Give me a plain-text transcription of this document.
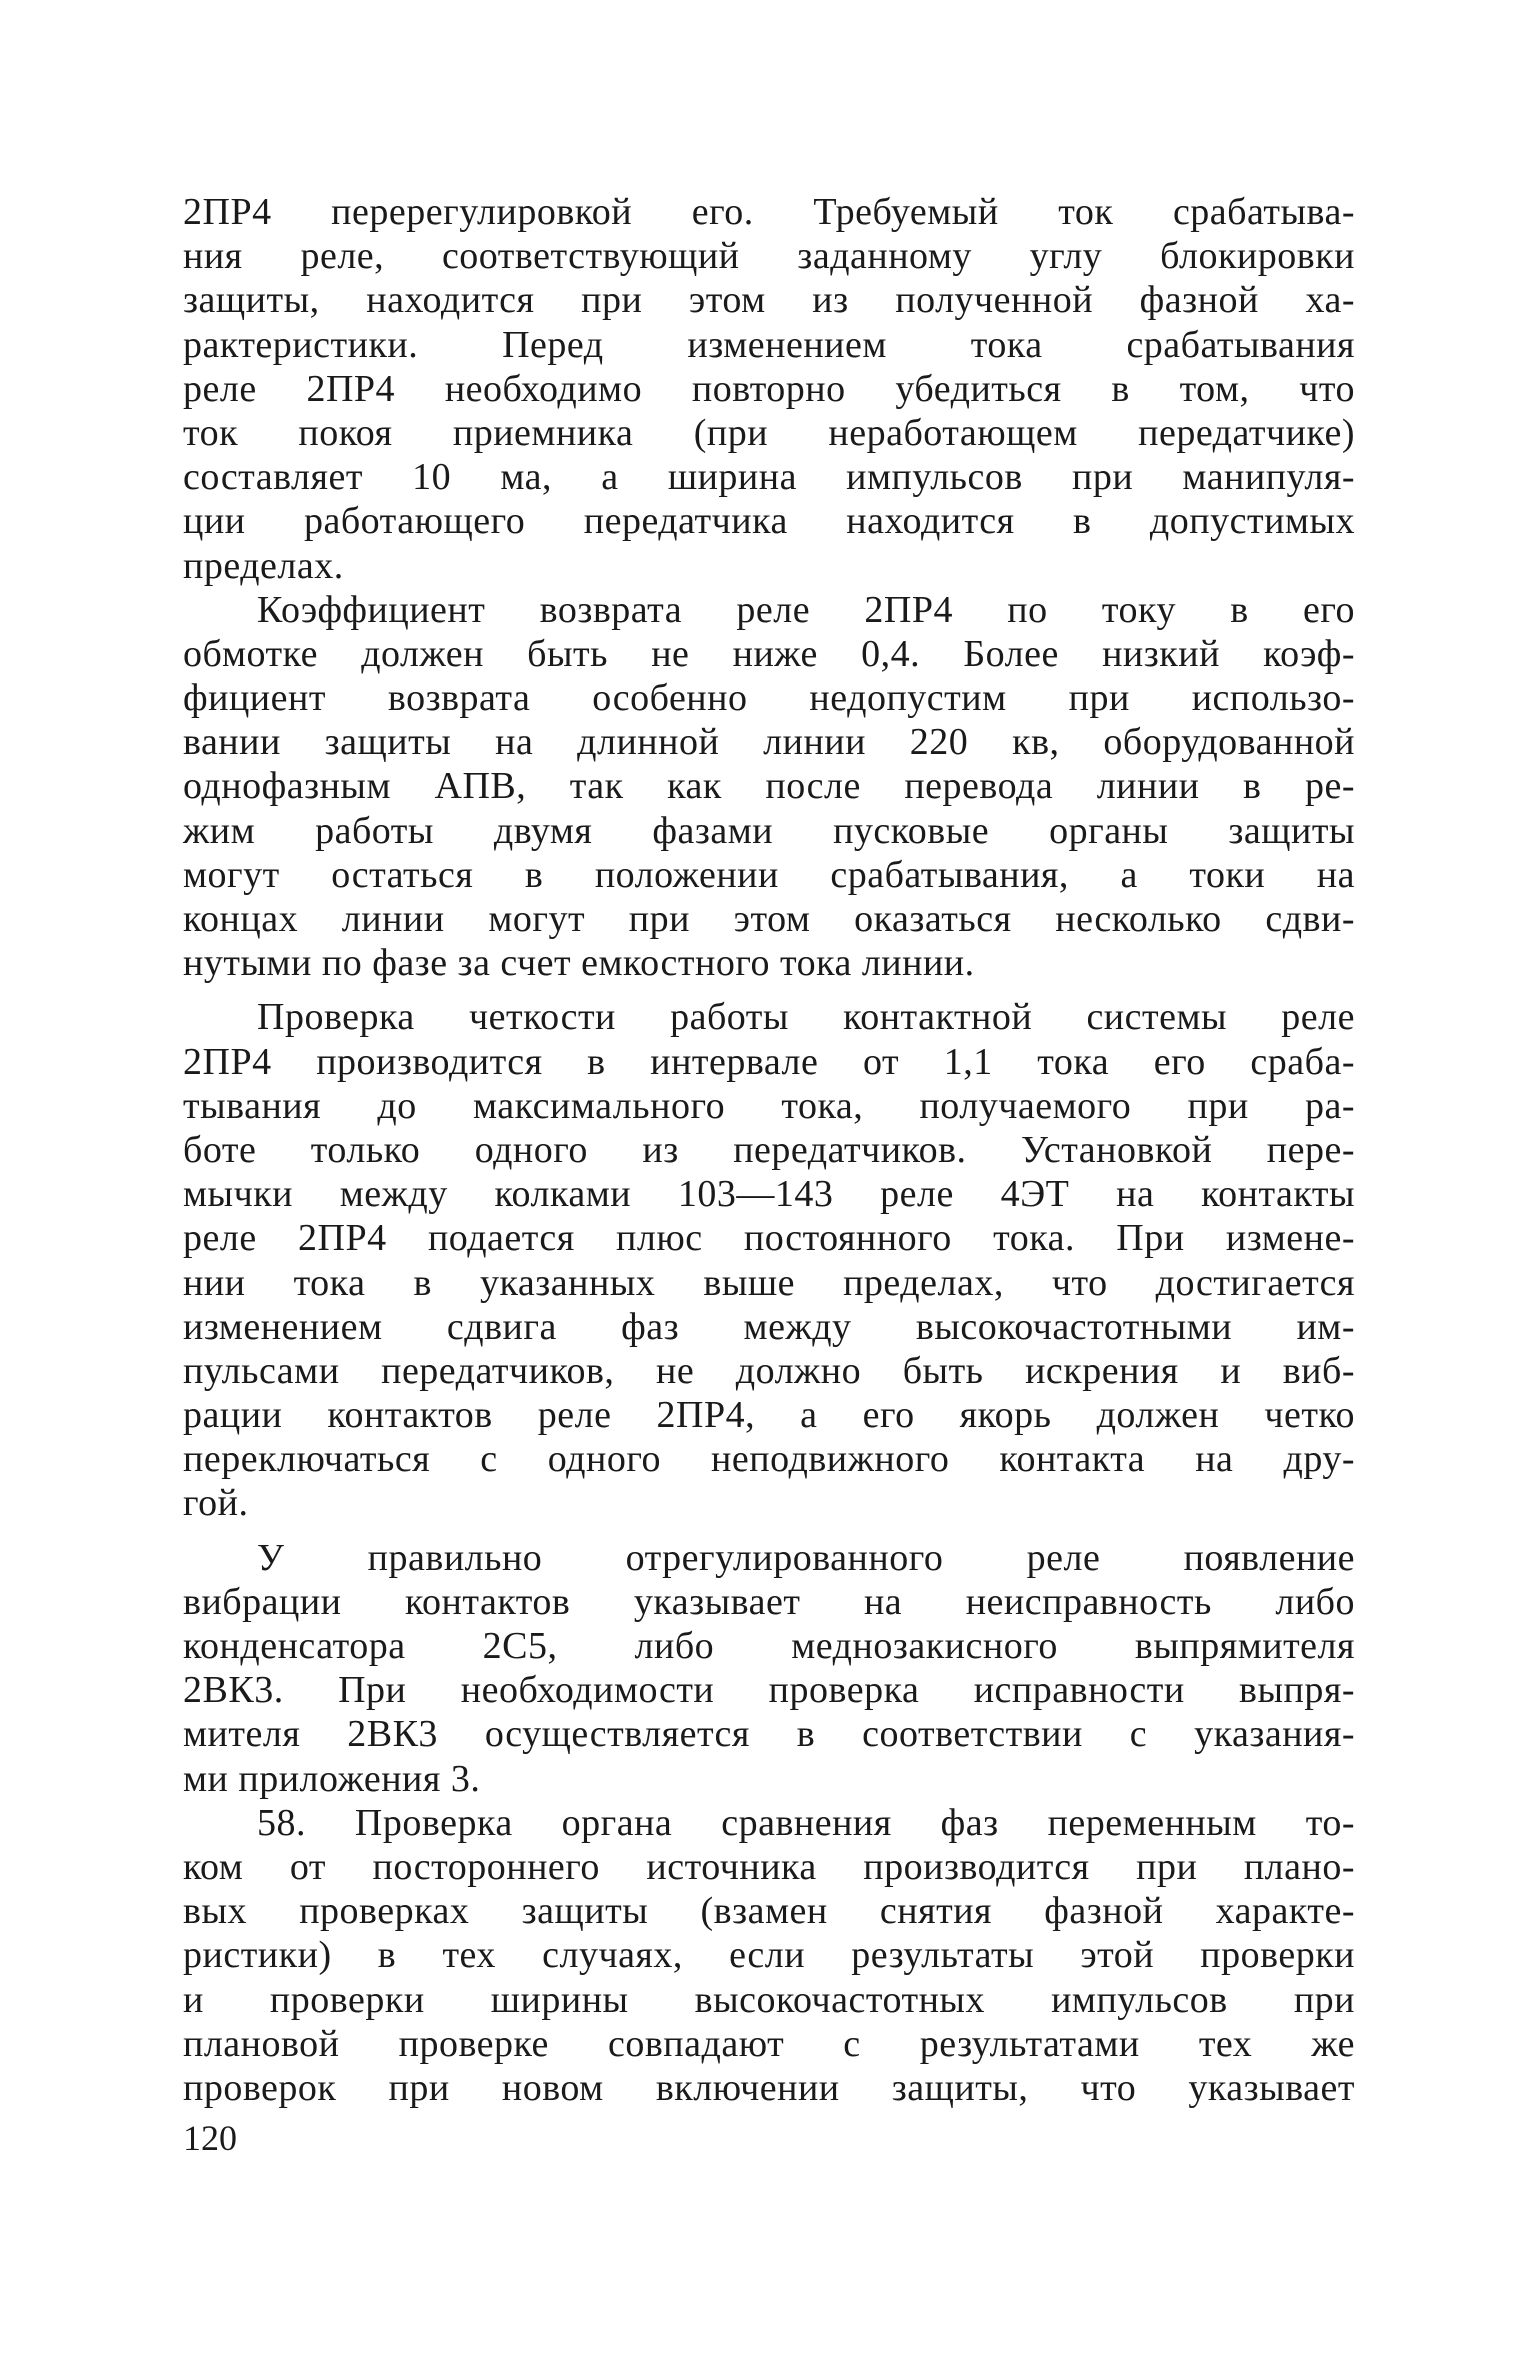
2ПР4 перерегулировкой его. Требуемый ток срабатыва-
ния реле, соответствующий заданному углу блокировки
защиты, находится при этом из полученной фазной ха-
рактеристики. Перед изменением тока срабатывания
реле 2ПР4 необходимо повторно убедиться в том, что
ток покоя приемника (при неработающем передатчике)
составляет 10 ма, а ширина импульсов при манипуля-
ции работающего передатчика находится в допустимых
пределах.
Коэффициент возврата реле 2ПР4 по току в его
обмотке должен быть не ниже 0,4. Более низкий коэф-
фициент возврата особенно недопустим при использо-
вании защиты на длинной линии 220 кв, оборудованной
однофазным АПВ, так как после перевода линии в ре-
жим работы двумя фазами пусковые органы защиты
могут остаться в положении срабатывания, а токи на
концах линии могут при этом оказаться несколько сдви-
нутыми по фазе за счет емкостного тока линии.
Проверка четкости работы контактной системы реле
2ПР4 производится в интервале от 1,1 тока его сраба-
тывания до максимального тока, получаемого при ра-
боте только одного из передатчиков. Установкой пере-
мычки между колками 103—143 реле 4ЭТ на контакты
реле 2ПР4 подается плюс постоянного тока. При измене-
нии тока в указанных выше пределах, что достигается
изменением сдвига фаз между высокочастотными им-
пульсами передатчиков, не должно быть искрения и виб-
рации контактов реле 2ПР4, а его якорь должен четко
переключаться с одного неподвижного контакта на дру-
гой.
У правильно отрегулированного реле появление
вибрации контактов указывает на неисправность либо
конденсатора 2С5, либо меднозакисного выпрямителя
2ВК3. При необходимости проверка исправности выпря-
мителя 2ВК3 осуществляется в соответствии с указания-
ми приложения 3.
58. Проверка органа сравнения фаз переменным то-
ком от постороннего источника производится при плано-
вых проверках защиты (взамен снятия фазной характе-
ристики) в тех случаях, если результаты этой проверки
и проверки ширины высокочастотных импульсов при
плановой проверке совпадают с результатами тех же
проверок при новом включении защиты, что указывает
120
